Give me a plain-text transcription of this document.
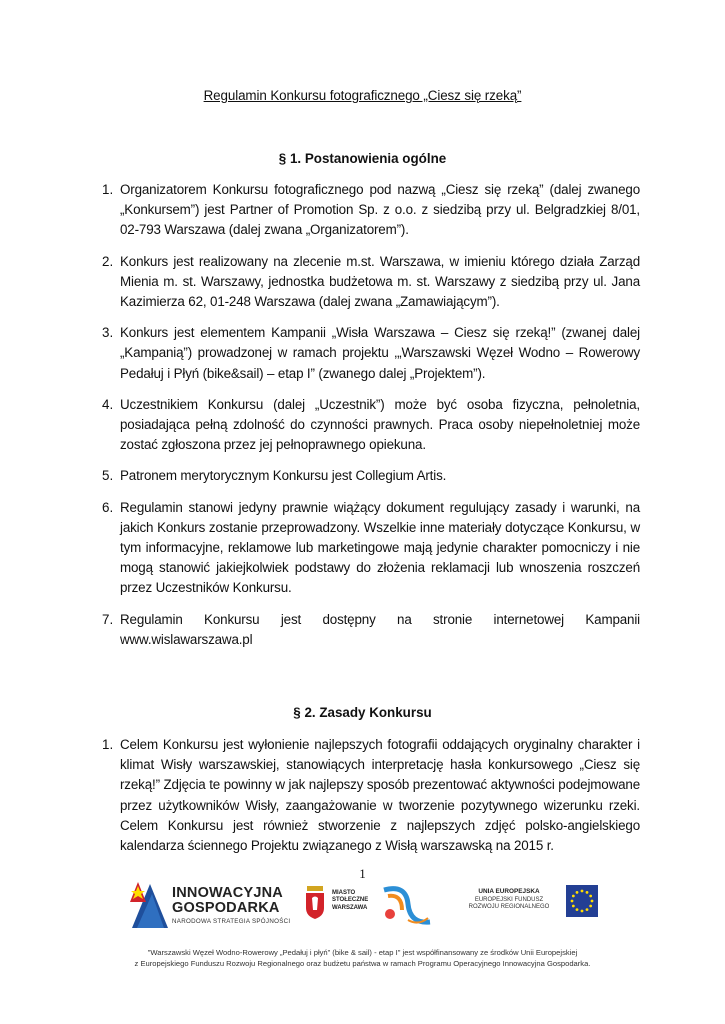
Regulamin Konkursu fotograficznego „Ciesz się rzeką”
§ 1. Postanowienia ogólne
1. Organizatorem Konkursu fotograficznego pod nazwą „Ciesz się rzeką” (dalej zwanego „Konkursem”) jest Partner of Promotion Sp. z o.o. z siedzibą przy ul. Belgradzkiej 8/01, 02-793 Warszawa (dalej zwana „Organizatorem”).
2. Konkurs jest realizowany na zlecenie m.st. Warszawa, w imieniu którego działa Zarząd Mienia m. st. Warszawy, jednostka budżetowa m. st. Warszawy z siedzibą przy ul. Jana Kazimierza 62, 01-248 Warszawa (dalej zwana „Zamawiającym”).
3. Konkurs jest elementem Kampanii „Wisła Warszawa – Ciesz się rzeką!” (zwanej dalej „Kampanią”) prowadzonej w ramach projektu ‚„Warszawski Węzeł Wodno – Rowerowy Pedałuj i Płyń (bike&sail) – etap I” (zwanego dalej „Projektem”).
4. Uczestnikiem Konkursu (dalej „Uczestnik”) może być osoba fizyczna, pełnoletnia, posiadająca pełną zdolność do czynności prawnych. Praca osoby niepełnoletniej może zostać zgłoszona przez jej pełnoprawnego opiekuna.
5. Patronem merytorycznym Konkursu jest Collegium Artis.
6. Regulamin stanowi jedyny prawnie wiążący dokument regulujący zasady i warunki, na jakich Konkurs zostanie przeprowadzony. Wszelkie inne materiały dotyczące Konkursu, w tym informacyjne, reklamowe lub marketingowe mają jedynie charakter pomocniczy i nie mogą stanowić jakiejkolwiek podstawy do złożenia reklamacji lub wnoszenia roszczeń przez Uczestników Konkursu.
7. Regulamin Konkursu jest dostępny na stronie internetowej Kampanii www.wislawarszawa.pl
§ 2. Zasady Konkursu
1. Celem Konkursu jest wyłonienie najlepszych fotografii oddających oryginalny charakter i klimat Wisły warszawskiej, stanowiących interpretację hasła konkursowego „Ciesz się rzeką!” Zdjęcia te powinny w jak najlepszy sposób prezentować aktywności podejmowane przez użytkowników Wisły, zaangażowanie w tworzenie pozytywnego wizerunku rzeki. Celem Konkursu jest również stworzenie z najlepszych zdjęć polsko-angielskiego kalendarza ściennego Projektu związanego z Wisłą warszawską na 2015 r.
1
INNOWACYJNA
GOSPODARKA
NARODOWA STRATEGIA SPÓJNOŚCI
MIASTO
STOŁECZNE
WARSZAWA
UNIA EUROPEJSKA
EUROPEJSKI FUNDUSZ
ROZWOJU REGIONALNEGO
"Warszawski Węzeł Wodno-Rowerowy „Pedałuj i płyń” (bike & sail) - etap I" jest współfinansowany ze środków Unii Europejskiej
z Europejskiego Funduszu Rozwoju Regionalnego oraz budżetu państwa w ramach Programu Operacyjnego Innowacyjna Gospodarka.
